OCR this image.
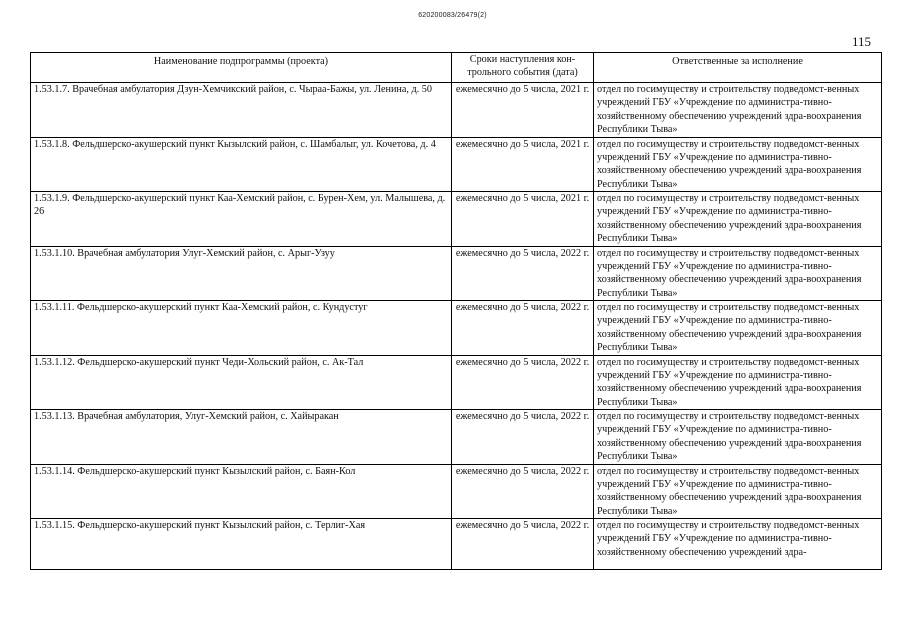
620200083/26479(2)
115
Наименование подпрограммы (проекта)	Сроки наступления кон-трольного события (дата)	Ответственные за исполнение
1.53.1.7. Врачебная амбулатория Дзун-Хемчикский район, с. Чыраа-Бажы, ул. Ленина, д. 50	ежемесячно до 5 числа, 2021 г.	отдел по госимуществу и строительству подведомст-венных учреждений ГБУ «Учреждение по администра-тивно-хозяйственному обеспечению учреждений здра-воохранения Республики Тыва»

1.53.1.8. Фельдшерско-акушерский пункт Кызылский район, с. Шамбалыг, ул. Кочетова, д. 4	ежемесячно до 5 числа, 2021 г.	отдел по госимуществу и строительству подведомст-венных учреждений ГБУ «Учреждение по администра-тивно-хозяйственному обеспечению учреждений здра-воохранения Республики Тыва»

1.53.1.9. Фельдшерско-акушерский пункт Каа-Хемский район, с. Бурен-Хем, ул. Малышева, д. 26	ежемесячно до 5 числа, 2021 г.	отдел по госимуществу и строительству подведомст-венных учреждений ГБУ «Учреждение по администра-тивно-хозяйственному обеспечению учреждений здра-воохранения Республики Тыва»

1.53.1.10. Врачебная амбулатория Улуг-Хемский район, с. Арыг-Узуу	ежемесячно до 5 числа, 2022 г.	отдел по госимуществу и строительству подведомст-венных учреждений ГБУ «Учреждение по администра-тивно-хозяйственному обеспечению учреждений здра-воохранения Республики Тыва»

1.53.1.11. Фельдшерско-акушерский пункт Каа-Хемский район, с. Кундустуг	ежемесячно до 5 числа, 2022 г.	отдел по госимуществу и строительству подведомст-венных учреждений ГБУ «Учреждение по администра-тивно-хозяйственному обеспечению учреждений здра-воохранения Республики Тыва»

1.53.1.12. Фельдшерско-акушерский пункт Чеди-Хольский район, с. Ак-Тал	ежемесячно до 5 числа, 2022 г.	отдел по госимуществу и строительству подведомст-венных учреждений ГБУ «Учреждение по администра-тивно-хозяйственному обеспечению учреждений здра-воохранения Республики Тыва»

1.53.1.13. Врачебная амбулатория, Улуг-Хемский район, с. Хайыракан	ежемесячно до 5 числа, 2022 г.	отдел по госимуществу и строительству подведомст-венных учреждений ГБУ «Учреждение по администра-тивно-хозяйственному обеспечению учреждений здра-воохранения Республики Тыва»

1.53.1.14. Фельдшерско-акушерский пункт Кызылский район, с. Баян-Кол	ежемесячно до 5 числа, 2022 г.	отдел по госимуществу и строительству подведомст-венных учреждений ГБУ «Учреждение по администра-тивно-хозяйственному обеспечению учреждений здра-воохранения Республики Тыва»

1.53.1.15. Фельдшерско-акушерский пункт Кызылский район, с. Терлиг-Хая	ежемесячно до 5 числа, 2022 г.	отдел по госимуществу и строительству подведомст-венных учреждений ГБУ «Учреждение по администра-тивно-хозяйственному обеспечению учреждений здра-
